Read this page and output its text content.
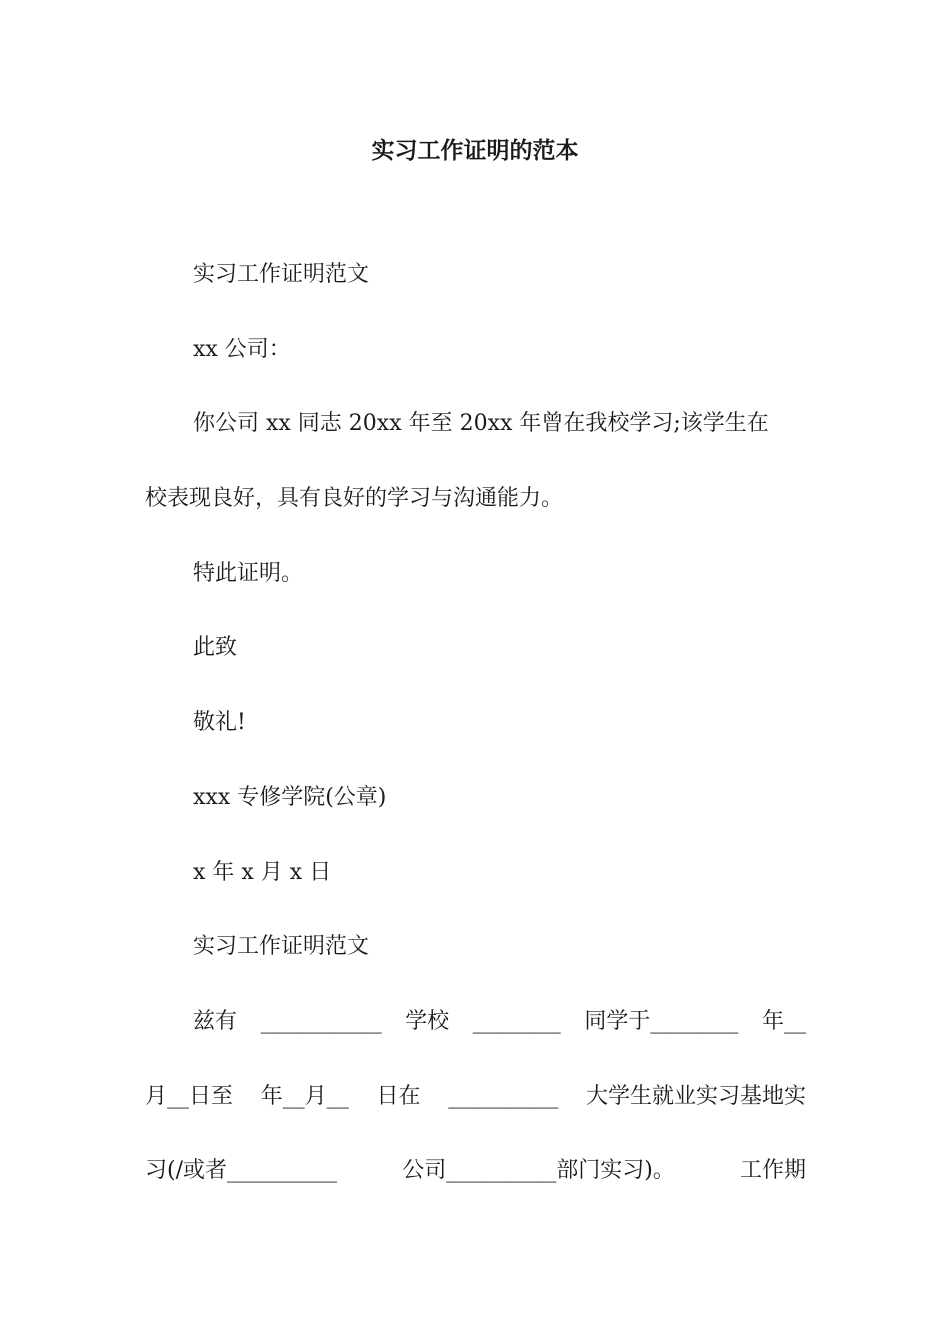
实习工作证明的范本
实习工作证明范文
xx 公司：
你公司 xx 同志 20xx 年至 20xx 年曾在我校学习;该学生在
校表现良好，具有良好的学习与沟通能力。
特此证明。
此致
敬礼!
xxx 专修学院(公章)
x 年 x 月 x 日
实习工作证明范文
兹有 ___________ 学校 ________ 同学于________ 年__
月__日至 年__月__ 日在 __________ 大学生就业实习基地实
习(/或者__________	公司__________部门实习)。	工作期
